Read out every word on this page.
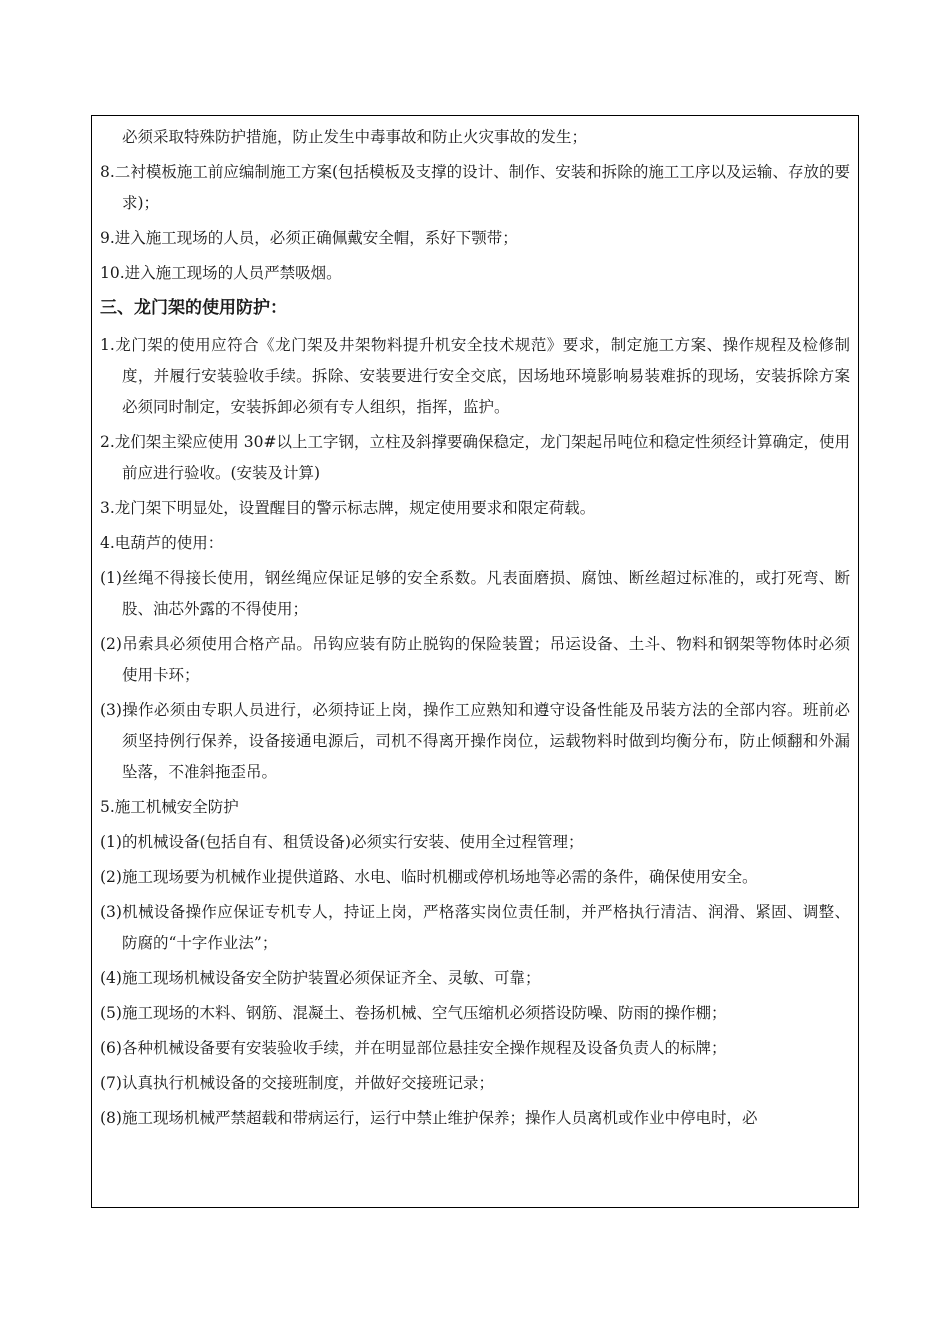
必须采取特殊防护措施，防止发生中毒事故和防止火灾事故的发生；

8.二衬模板施工前应编制施工方案(包括模板及支撑的设计、制作、安装和拆除的施工工序以及运输、存放的要求)；

9.进入施工现场的人员，必须正确佩戴安全帽，系好下颚带；

10.进入施工现场的人员严禁吸烟。

三、龙门架的使用防护：

1.龙门架的使用应符合《龙门架及井架物料提升机安全技术规范》要求，制定施工方案、操作规程及检修制度，并履行安装验收手续。拆除、安装要进行安全交底，因场地环境影响易装难拆的现场，安装拆除方案必须同时制定，安装拆卸必须有专人组织，指挥，监护。

2.龙们架主梁应使用 30#以上工字钢，立柱及斜撑要确保稳定，龙门架起吊吨位和稳定性须经计算确定，使用前应进行验收。(安装及计算)

3.龙门架下明显处，设置醒目的警示标志牌，规定使用要求和限定荷载。

4.电葫芦的使用：

(1)丝绳不得接长使用，钢丝绳应保证足够的安全系数。凡表面磨损、腐蚀、断丝超过标准的，或打死弯、断股、油芯外露的不得使用；

(2)吊索具必须使用合格产品。吊钩应装有防止脱钩的保险装置；吊运设备、土斗、物料和钢架等物体时必须使用卡环；

(3)操作必须由专职人员进行，必须持证上岗，操作工应熟知和遵守设备性能及吊装方法的全部内容。班前必须坚持例行保养，设备接通电源后，司机不得离开操作岗位，运载物料时做到均衡分布，防止倾翻和外漏坠落，不准斜拖歪吊。

5.施工机械安全防护

(1)的机械设备(包括自有、租赁设备)必须实行安装、使用全过程管理；

(2)施工现场要为机械作业提供道路、水电、临时机棚或停机场地等必需的条件，确保使用安全。

(3)机械设备操作应保证专机专人，持证上岗，严格落实岗位责任制，并严格执行清洁、润滑、紧固、调整、防腐的“十字作业法”；

(4)施工现场机械设备安全防护装置必须保证齐全、灵敏、可靠；

(5)施工现场的木料、钢筋、混凝土、卷扬机械、空气压缩机必须搭设防噪、防雨的操作棚；

(6)各种机械设备要有安装验收手续，并在明显部位悬挂安全操作规程及设备负责人的标牌；

(7)认真执行机械设备的交接班制度，并做好交接班记录；

(8)施工现场机械严禁超载和带病运行，运行中禁止维护保养；操作人员离机或作业中停电时，必
